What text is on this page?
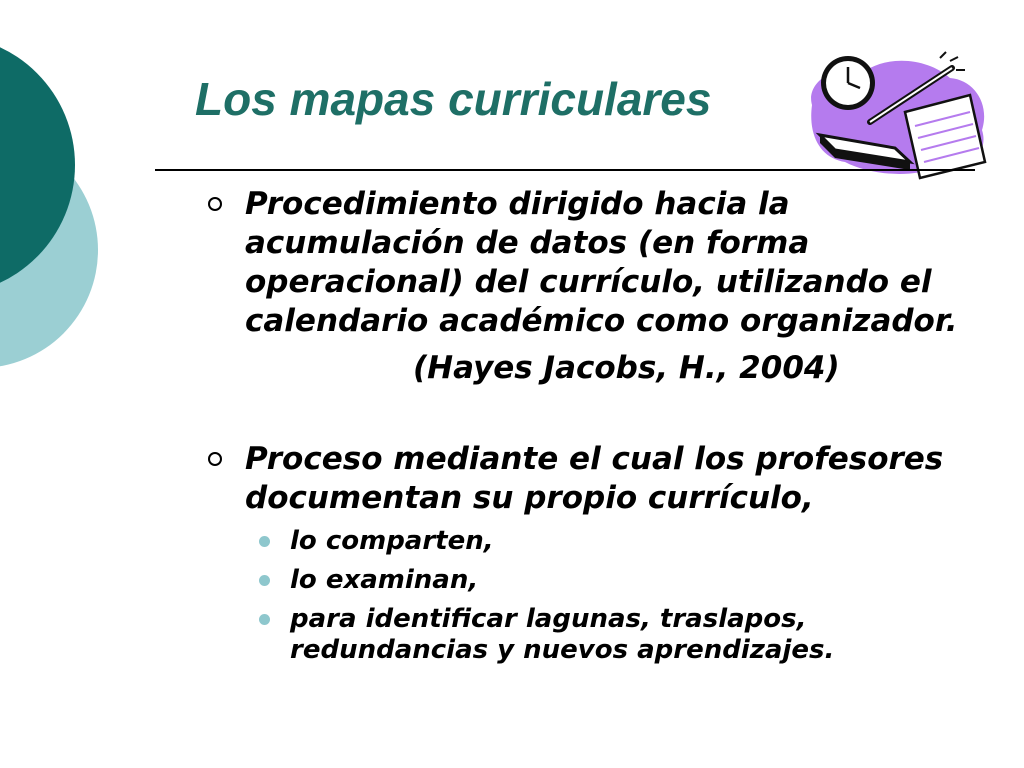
Los mapas curriculares
Procedimiento dirigido hacia la acumulación de datos (en forma operacional) del currículo, utilizando el calendario académico como organizador.
(Hayes Jacobs, H., 2004)
Proceso mediante el cual los profesores documentan su propio currículo,
lo comparten,
lo examinan,
para identificar lagunas, traslapos, redundancias y nuevos aprendizajes.
